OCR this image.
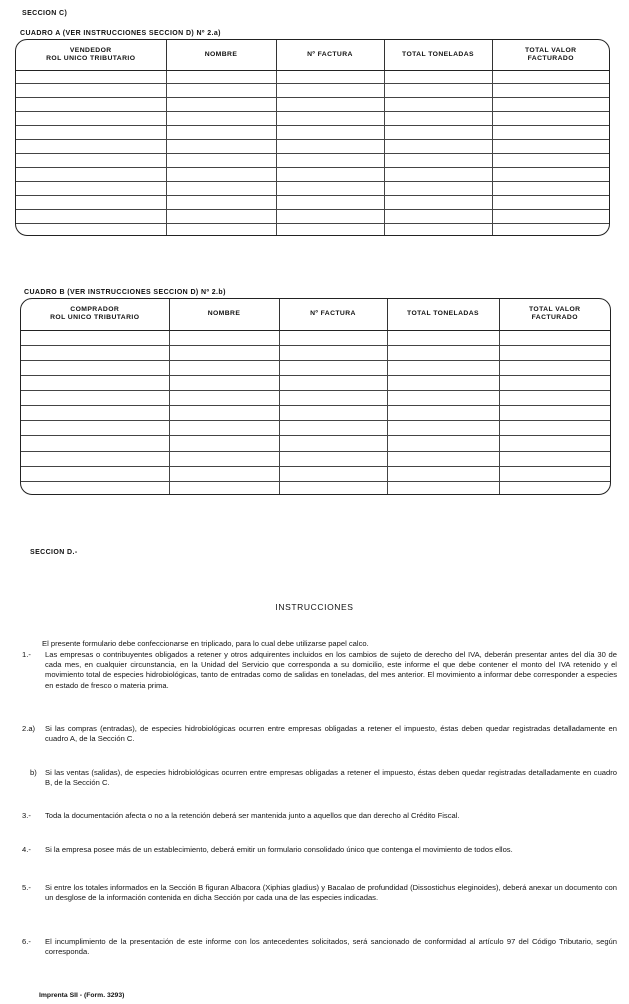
SECCION C)
CUADRO A (VER INSTRUCCIONES SECCION D) Nº 2.a)
VENDEDOR
ROL UNICO TRIBUTARIO	NOMBRE	Nº FACTURA	TOTAL TONELADAS	TOTAL VALOR
FACTURADO

CUADRO B (VER INSTRUCCIONES SECCION D) Nº 2.b)
COMPRADOR
ROL UNICO TRIBUTARIO	NOMBRE	Nº FACTURA	TOTAL TONELADAS	TOTAL VALOR
FACTURADO

SECCION D.-
INSTRUCCIONES
El presente formulario debe confeccionarse en triplicado, para lo cual debe utilizarse papel calco.
1.- Las empresas o contribuyentes obligados a retener y otros adquirentes incluidos en los cambios de sujeto de derecho del IVA, deberán presentar antes del día 30 de cada mes, en cualquier circunstancia, en la Unidad del Servicio que corresponda a su domicilio, este informe el que debe contener el monto del IVA retenido y el movimiento total de especies hidrobiológicas, tanto de entradas como de salidas en toneladas, del mes anterior. El movimiento a informar debe corresponder a especies en estado de fresco o materia prima.
2.a) Si las compras (entradas), de especies hidrobiológicas ocurren entre empresas obligadas a retener el impuesto, éstas deben quedar registradas detalladamente en cuadro A, de la Sección C.
b) Si las ventas (salidas), de especies hidrobiológicas ocurren entre empresas obligadas a retener el impuesto, éstas deben quedar registradas detalladamente en cuadro B, de la Sección C.
3.- Toda la documentación afecta o no a la retención deberá ser mantenida junto a aquellos que dan derecho al Crédito Fiscal.
4.- Si la empresa posee más de un establecimiento, deberá emitir un formulario consolidado único que contenga el movimiento de todos ellos.
5.- Si entre los totales informados en la Sección B figuran Albacora (Xiphias gladius) y Bacalao de profundidad (Dissostichus eleginoides), deberá anexar un documento con un desglose de la información contenida en dicha Sección por cada una de las especies indicadas.
6.- El incumplimiento de la presentación de este informe con los antecedentes solicitados, será sancionado de conformidad al artículo 97 del Código Tributario, según corresponda.
Imprenta SII - (Form. 3293)
